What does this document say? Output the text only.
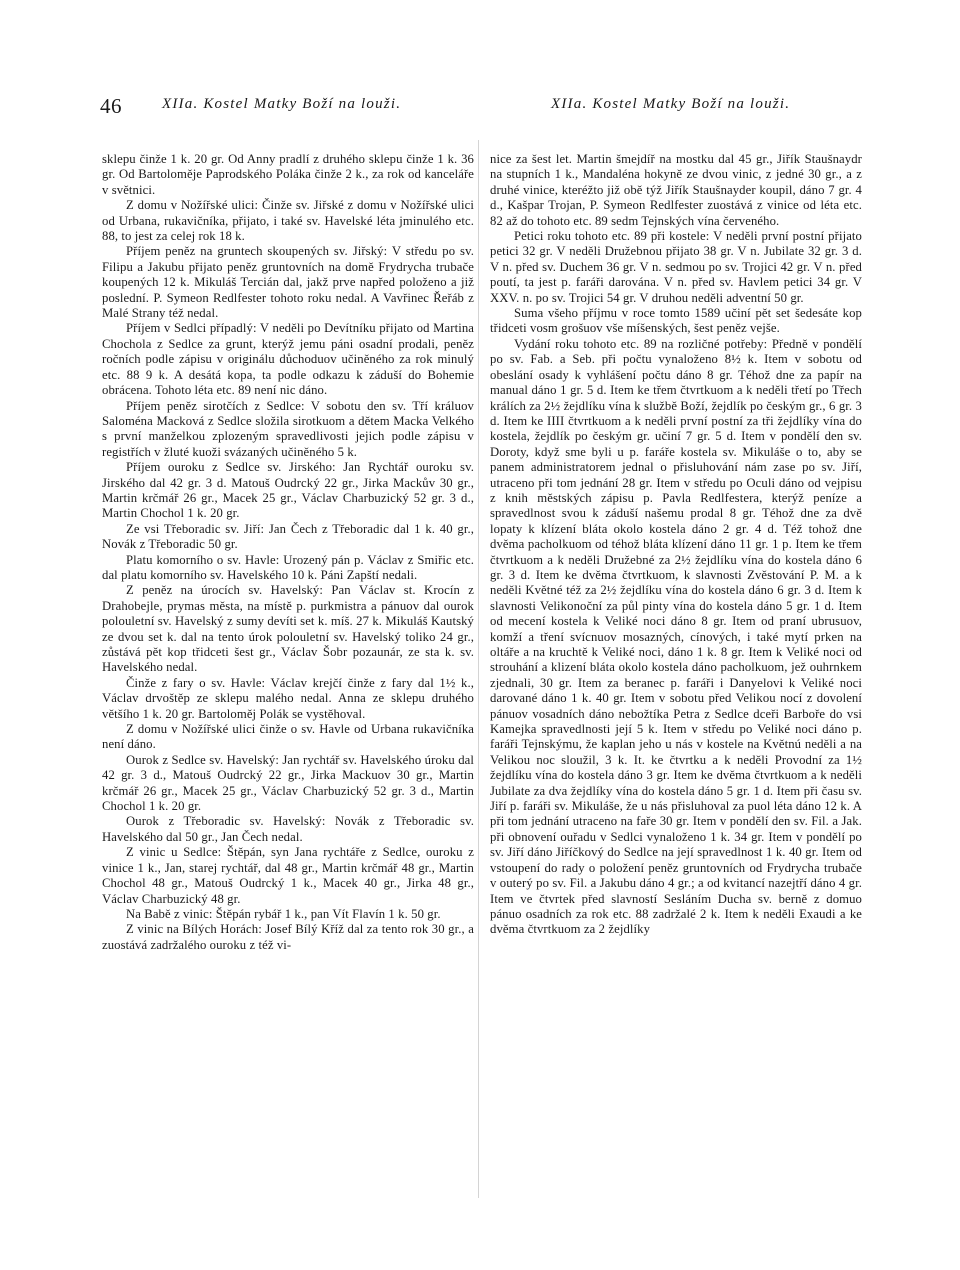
46	XIIa. Kostel Matky Boží na louži.	XIIa. Kostel Matky Boží na louži.

sklepu činže 1 k. 20 gr. Od Anny pradlí z druhého sklepu činže 1 k. 36 gr. Od Bartoloměje Paprodského Poláka činže 2 k., za rok od kanceláře v světnici.

Z domu v Nožířské ulici: Činže sv. Jiřské z domu v Nožířské ulici od Urbana, rukavičníka, přijato, i také sv. Havelské léta jminulého etc. 88, to jest za celej rok 18 k.

Příjem peněz na gruntech skoupených sv. Jiřský: V středu po sv. Filipu a Jakubu přijato peněz gruntovních na domě Frydrycha trubače koupených 12 k. Mikuláš Tercián dal, jakž prve napřed položeno a již poslední. P. Symeon Redlfester tohoto roku nedal. A Vavřinec Řeřáb z Malé Strany též nedal.

Příjem v Sedlci případlý: V neděli po Devítníku přijato od Martina Chochola z Sedlce za grunt, kterýž jemu páni osadní prodali, peněz ročních podle zápisu v originálu důchoduov učiněného za rok minulý etc. 88 9 k. A desátá kopa, ta podle odkazu k záduší do Bohemie obrácena. Tohoto léta etc. 89 není nic dáno.

Příjem peněz sirotčích z Sedlce: V sobotu den sv. Tří králuov Saloména Macková z Sedlce složila sirotkuom a dětem Macka Velkého s první manželkou zplozeným spravedlivosti jejich podle zápisu v registřích v žluté kuoži svázaných učiněného 5 k.

Příjem ouroku z Sedlce sv. Jirského: Jan Rychtář ouroku sv. Jirského dal 42 gr. 3 d. Matouš Oudrcký 22 gr., Jirka Mackův 30 gr., Martin krčmář 26 gr., Macek 25 gr., Václav Charbuzický 52 gr. 3 d., Martin Chochol 1 k. 20 gr.

Ze vsi Třeboradic sv. Jiří: Jan Čech z Třeboradic dal 1 k. 40 gr., Novák z Třeboradic 50 gr.

Platu komorního o sv. Havle: Urozený pán p. Václav z Smiřic etc. dal platu komorního sv. Havelského 10 k. Páni Zapští nedali.

Z peněz na úrocích sv. Havelský: Pan Václav st. Krocín z Drahobejle, prymas města, na místě p. purkmistra a pánuov dal ourok polouletní sv. Havelský z sumy devíti set k. míš. 27 k. Mikuláš Kautský ze dvou set k. dal na tento úrok polouletní sv. Havelský toliko 24 gr., zůstává pět kop třidceti šest gr., Václav Šobr pozaunár, ze sta k. sv. Havelského nedal.

Činže z fary o sv. Havle: Václav krejčí činže z fary dal 1½ k., Václav drvoštěp ze sklepu malého nedal. Anna ze sklepu druhého většího 1 k. 20 gr. Bartoloměj Polák se vystěhoval.

Z domu v Nožířské ulici činže o sv. Havle od Urbana rukavičníka není dáno.

Ourok z Sedlce sv. Havelský: Jan rychtář sv. Havelského úroku dal 42 gr. 3 d., Matouš Oudrcký 22 gr., Jirka Mackuov 30 gr., Martin krčmář 26 gr., Macek 25 gr., Václav Charbuzický 52 gr. 3 d., Martin Chochol 1 k. 20 gr.

Ourok z Třeboradic sv. Havelský: Novák z Třeboradic sv. Havelského dal 50 gr., Jan Čech nedal.

Z vinic u Sedlce: Štěpán, syn Jana rychtáře z Sedlce, ouroku z vinice 1 k., Jan, starej rychtář, dal 48 gr., Martin krčmář 48 gr., Martin Chochol 48 gr., Matouš Oudrcký 1 k., Macek 40 gr., Jirka 48 gr., Václav Charbuzický 48 gr.

Na Babě z vinic: Štěpán rybář 1 k., pan Vít Flavín 1 k. 50 gr.

Z vinic na Bílých Horách: Josef Bílý Kříž dal za tento rok 30 gr., a zuostává zadržalého ouroku z též vi-

nice za šest let. Martin šmejdíř na mostku dal 45 gr., Jiřík Staušnaydr na stupních 1 k., Mandaléna hokyně ze dvou vinic, z jedné 30 gr., a z druhé vinice, kteréžto již obě týž Jiřík Staušnayder koupil, dáno 7 gr. 4 d., Kašpar Trojan, P. Symeon Redlfester zuostává z vinice od léta etc. 82 až do tohoto etc. 89 sedm Tejnských vína červeného.

Petici roku tohoto etc. 89 při kostele: V neděli první postní přijato petici 32 gr. V neděli Družebnou přijato 38 gr. V n. Jubilate 32 gr. 3 d. V n. před sv. Duchem 36 gr. V n. sedmou po sv. Trojici 42 gr. V n. před poutí, ta jest p. faráři darována. V n. před sv. Havlem petici 34 gr. V XXV. n. po sv. Trojici 54 gr. V druhou neděli adventní 50 gr.

Suma všeho příjmu v roce tomto 1589 učiní pět set šedesáte kop třidceti vosm grošuov vše míšenských, šest peněz vejše.

Vydání roku tohoto etc. 89 na rozličné potřeby: Předně v pondělí po sv. Fab. a Seb. při počtu vynaloženo 8½ k. Item v sobotu od obeslání osady k vyhlášení počtu dáno 8 gr. Téhož dne za papír na manual dáno 1 gr. 5 d. Item ke třem čtvrtkuom a k neděli třetí po Třech králích za 2½ žejdlíku vína k službě Boží, žejdlík po českým gr., 6 gr. 3 d. Item ke IIII čtvrtkuom a k neděli první postní za tři žejdlíky vína do kostela, žejdlík po českým gr. učiní 7 gr. 5 d. Item v pondělí den sv. Doroty, když sme byli u p. faráře kostela sv. Mikuláše o to, aby se panem administratorem jednal o přisluhování nám zase po sv. Jiří, utraceno při tom jednání 28 gr. Item v středu po Oculi dáno od vejpisu z knih městských zápisu p. Pavla Redlfestera, kterýž peníze a spravedlnost svou k záduší našemu prodal 8 gr. Téhož dne za dvě lopaty k klízení bláta okolo kostela dáno 2 gr. 4 d. Též tohož dne dvěma pacholkuom od téhož bláta klízení dáno 11 gr. 1 p. Item ke třem čtvrtkuom a k neděli Družebné za 2½ žejdlíku vína do kostela dáno 6 gr. 3 d. Item ke dvěma čtvrtkuom, k slavnosti Zvěstování P. M. a k neděli Květné též za 2½ žejdlíku vína do kostela dáno 6 gr. 3 d. Item k slavnosti Velikonoční za půl pinty vína do kostela dáno 5 gr. 1 d. Item od mecení kostela k Veliké noci dáno 8 gr. Item od praní ubrusuov, komží a tření svícnuov mosazných, cínových, i také mytí prken na oltáře a na kruchtě k Veliké noci, dáno 1 k. 8 gr. Item k Veliké noci od strouhání a klizení bláta okolo kostela dáno pacholkuom, jež ouhrnkem zjednali, 30 gr. Item za beranec p. faráři i Danyelovi k Veliké noci darované dáno 1 k. 40 gr. Item v sobotu před Velikou nocí z dovolení pánuov vosadních dáno nebožtíka Petra z Sedlce dceři Barboře do vsi Kamejka spravedlnosti její 5 k. Item v středu po Veliké noci dáno p. faráři Tejnskýmu, že kaplan jeho u nás v kostele na Květnú neděli a na Velikou noc sloužil, 3 k. It. ke čtvrtku a k neděli Provodní za 1½ žejdlíku vína do kostela dáno 3 gr. Item ke dvěma čtvrtkuom a k neděli Jubilate za dva žejdlíky vína do kostela dáno 5 gr. 1 d. Item při času sv. Jiří p. faráři sv. Mikuláše, že u nás přisluhoval za puol léta dáno 12 k. A při tom jednání utraceno na faře 30 gr. Item v pondělí den sv. Fil. a Jak. při obnovení ouřadu v Sedlci vynaloženo 1 k. 34 gr. Item v pondělí po sv. Jiří dáno Jiříčkový do Sedlce na její spravedlnost 1 k. 40 gr. Item od vstoupení do rady o položení peněz gruntovních od Frydrycha trubače v outerý po sv. Fil. a Jakubu dáno 4 gr.; a od kvitancí nazejtří dáno 4 gr. Item ve čtvrtek před slavností Sesláním Ducha sv. berně z domuo pánuo osadních za rok etc. 88 zadržalé 2 k. Item k neděli Exaudi a ke dvěma čtvrtkuom za 2 žejdlíky
